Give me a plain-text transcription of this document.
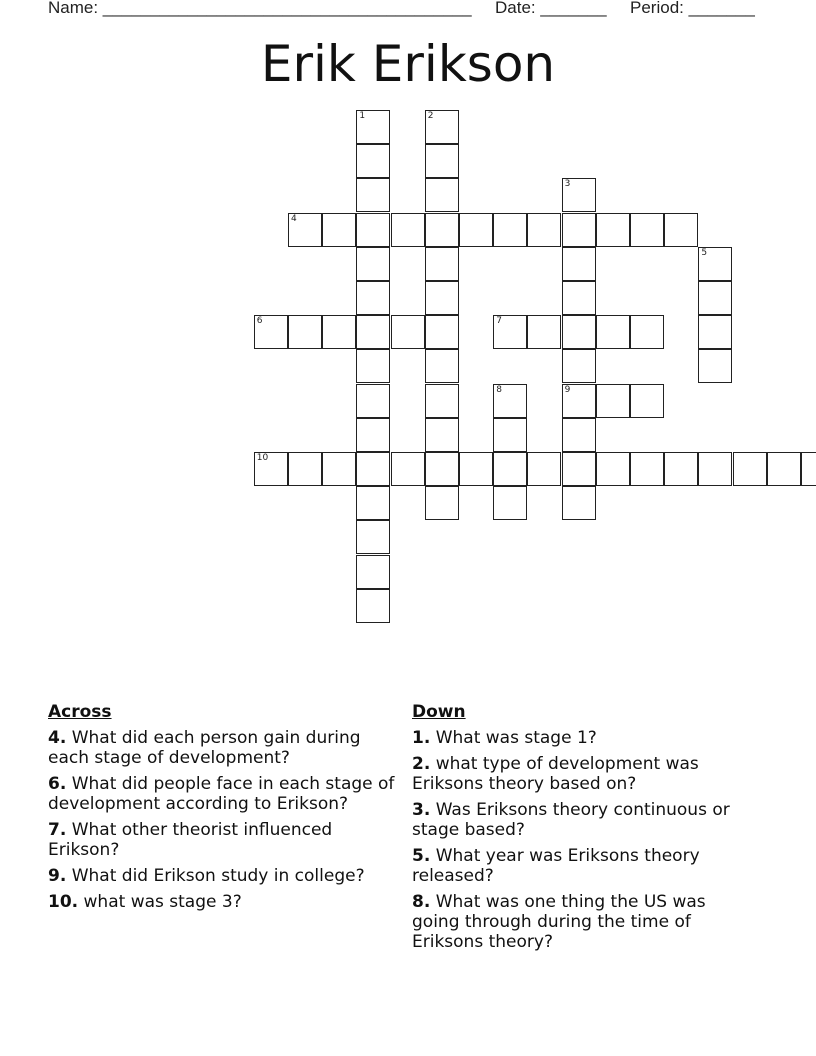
Name: _______________________________________ Date: _______ Period: _______
Erik Erikson
1	2
3
4
5
6	7
8	9
10
Across
4. What did each person gain during each stage of development?
6. What did people face in each stage of development according to Erikson?
7. What other theorist influenced Erikson?
9. What did Erikson study in college?
10. what was stage 3?
Down
1. What was stage 1?
2. what type of development was Eriksons theory based on?
3. Was Eriksons theory continuous or stage based?
5. What year was Eriksons theory released?
8. What was one thing the US was going through during the time of Eriksons theory?
